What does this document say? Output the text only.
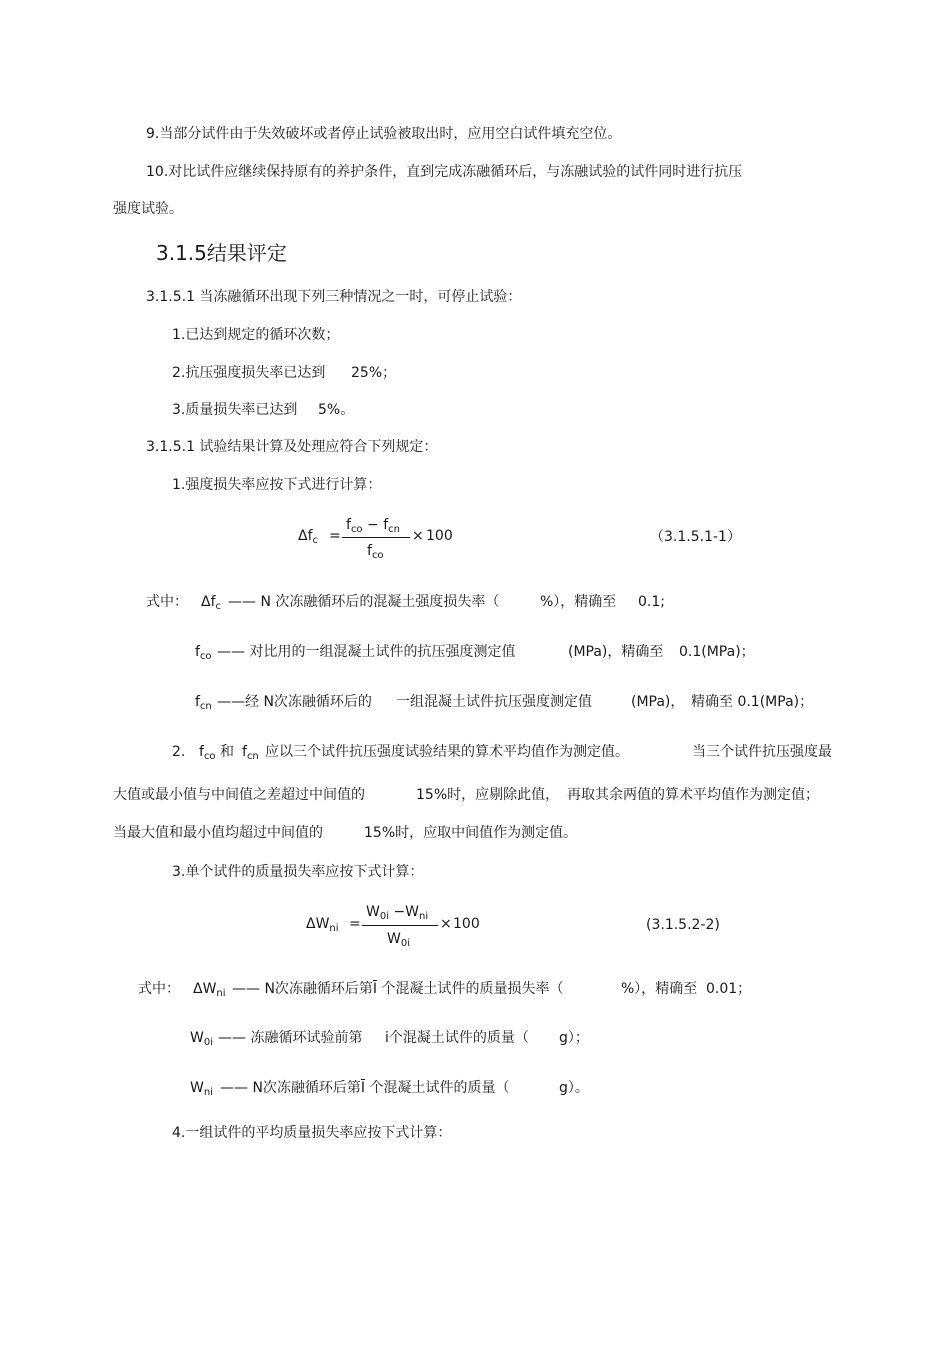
9.当部分试件由于失效破坏或者停止试验被取出时，应用空白试件填充空位。
10.对比试件应继续保持原有的养护条件，直到完成冻融循环后，与冻融试验的试件同时进行抗压
强度试验。
3.1.5结果评定
3.1.5.1 当冻融循环出现下列三种情况之一时，可停止试验：
1.已达到规定的循环次数；
2.抗压强度损失率已达到 25%；
3.质量损失率已达到 5%。
3.1.5.1 试验结果计算及处理应符合下列规定：
1.强度损失率应按下式进行计算：
$\Delta f_c$ =
$f_{co} - f_{cn}$
$f_{co}$
× 100	（3.1.5.1-1）
式中： $\Delta f_c$ —— N 次冻融循环后的混凝土强度损失率（	%），精确至 0.1;
$f_{co}$ —— 对比用的一组混凝土试件的抗压强度测定值	(MPa)，精确至 0.1(MPa)；
$f_{cn}$ ——经 N次冻融循环后的 一组混凝土试件抗压强度测定值	(MPa)， 精确至 0.1(MPa)；
2. $f_{co}$ 和 $f_{cn}$ 应以三个试件抗压强度试验结果的算术平均值作为测定值。	当三个试件抗压强度最
大值或最小值与中间值之差超过中间值的	15%时，应剔除此值， 再取其余两值的算术平均值作为测定值；
当最大值和最小值均超过中间值的	15%时，应取中间值作为测定值。
3.单个试件的质量损失率应按下式计算：
$\Delta W_{ni}$ =
$W_{0i} -W_{ni}$
$W_{0i}$
× 100	(3.1.5.2-2)
式中： $\Delta W_{ni}$ —— N次冻融循环后第Ī 个混凝土试件的质量损失率（	%），精确至 0.01；
$W_{0i}$ —— 冻融循环试验前第 i个混凝土试件的质量（ g）；
$W_{ni}$ —— N次冻融循环后第Ī 个混凝土试件的质量（	g）。
4.一组试件的平均质量损失率应按下式计算：
